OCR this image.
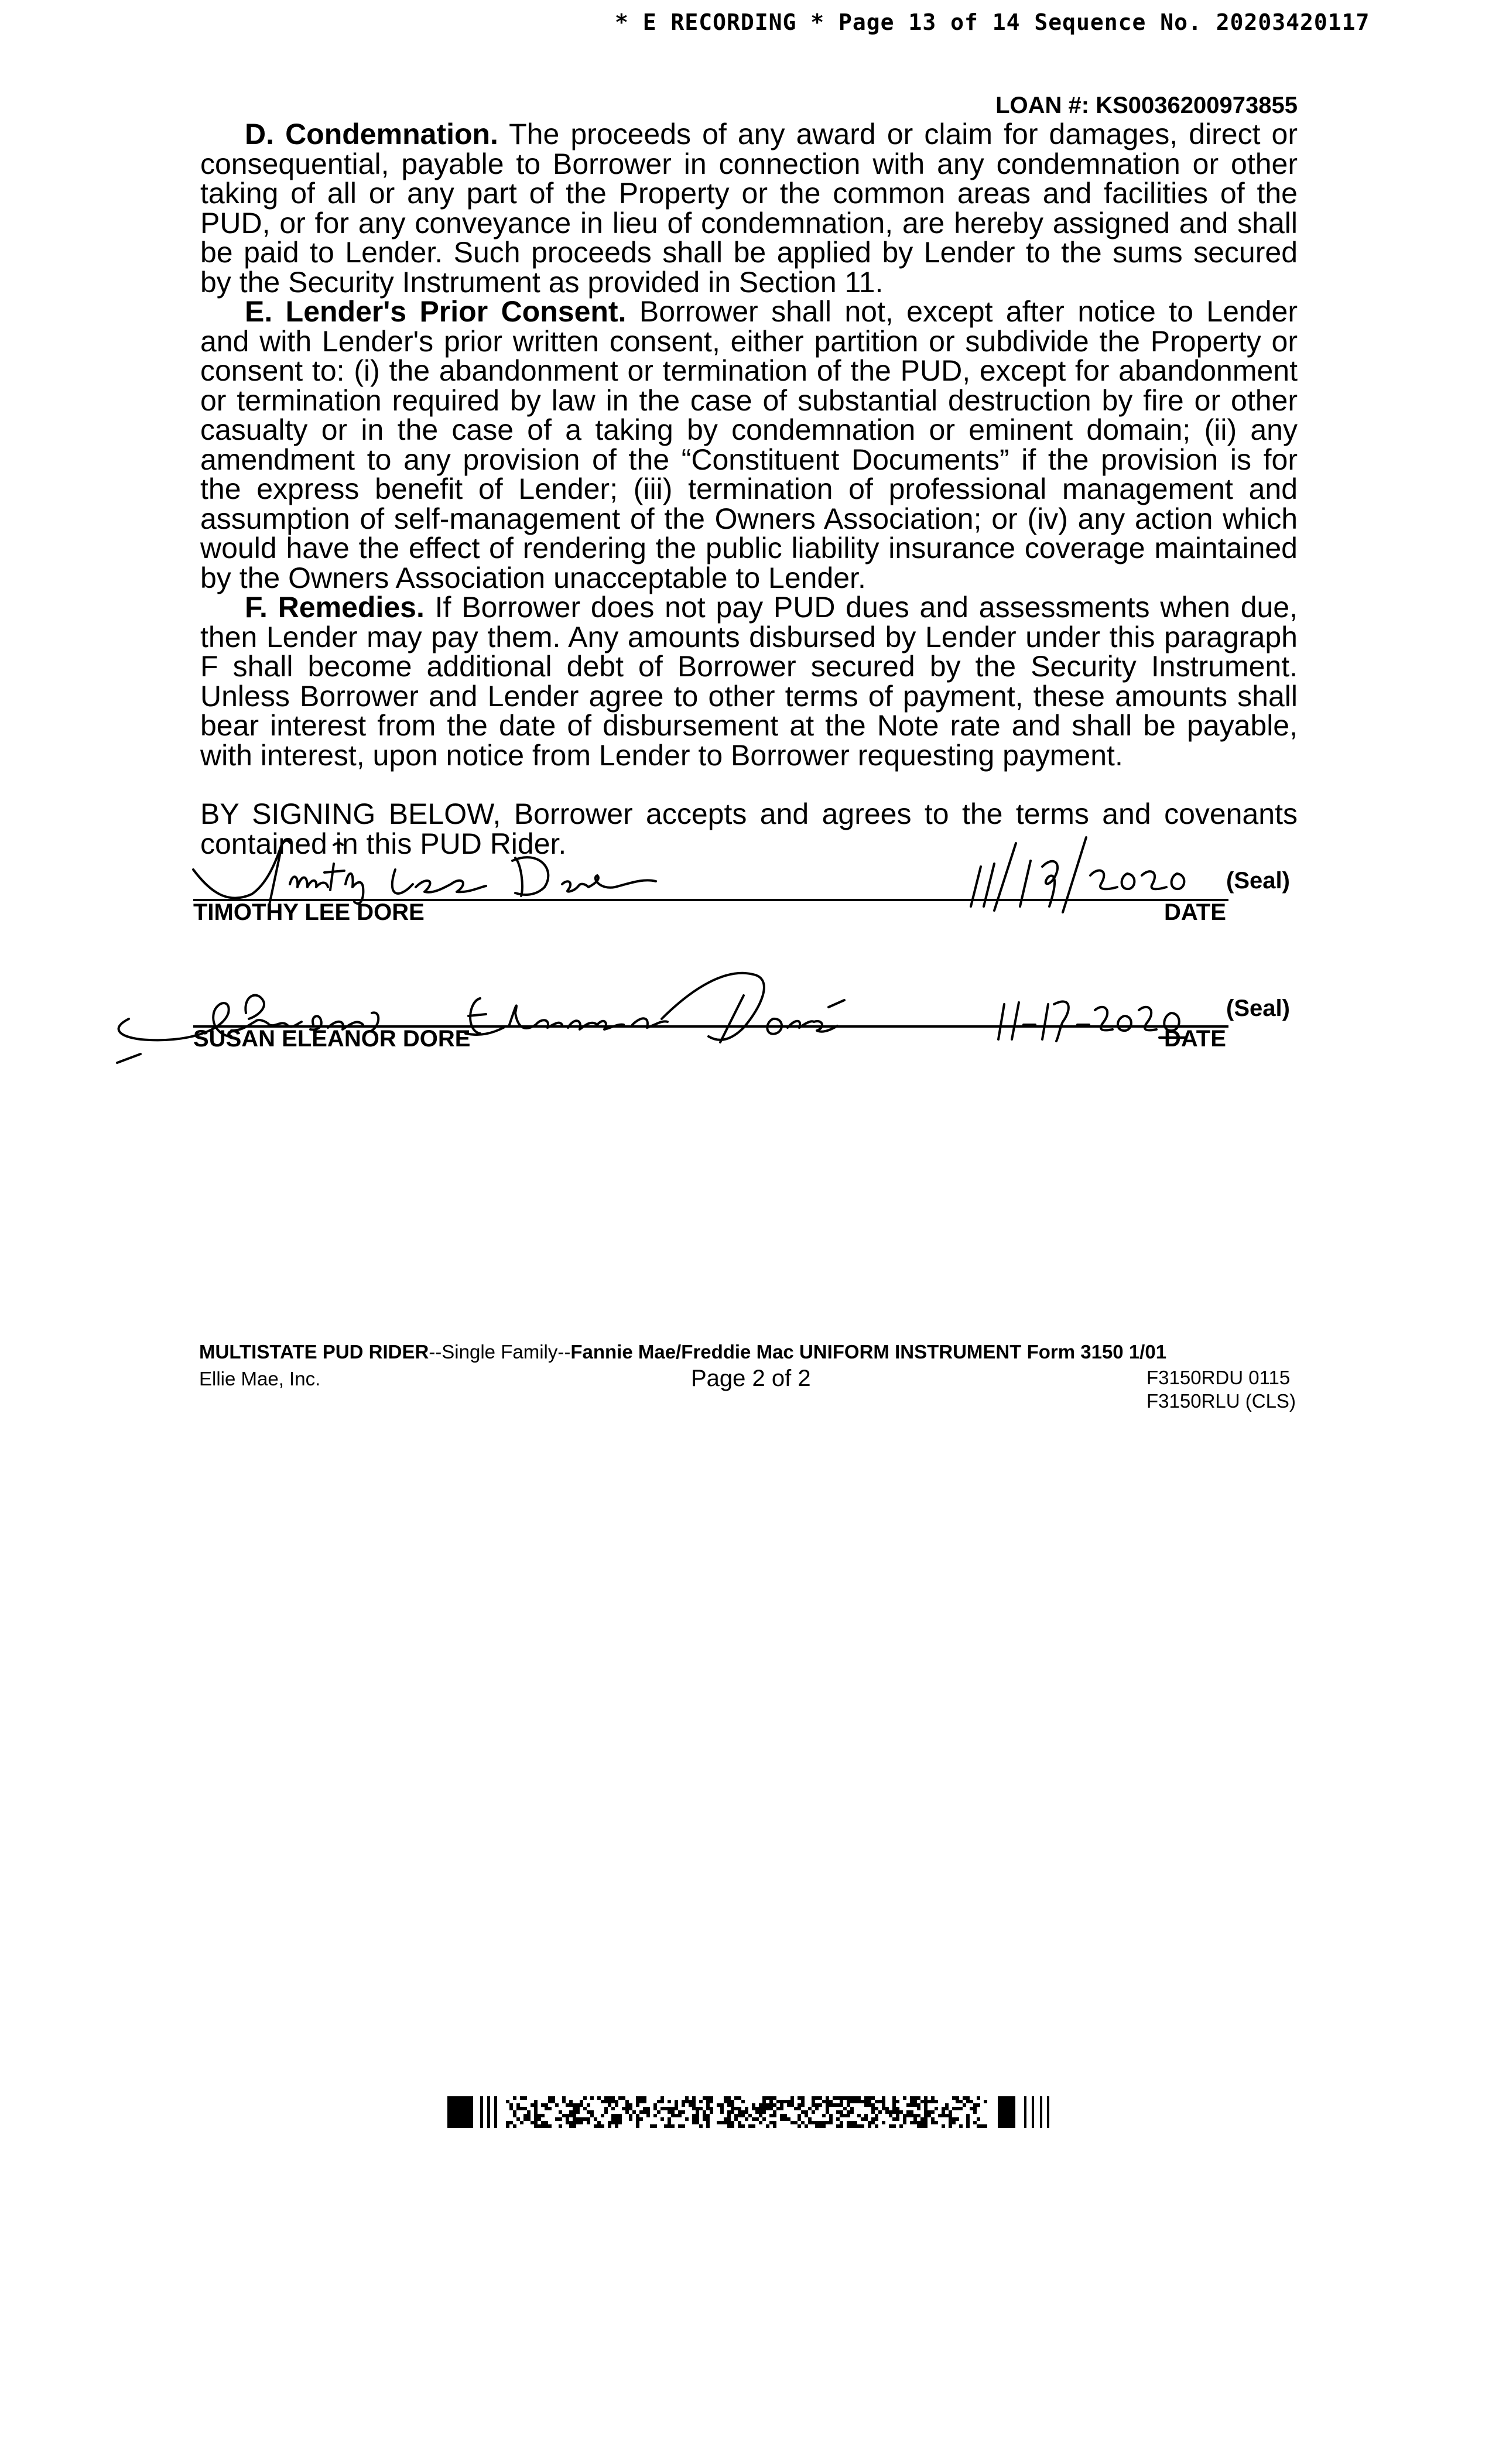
* E RECORDING * Page 13 of 14 Sequence No. 20203420117
LOAN #: KS0036200973855

D. Condemnation. The proceeds of any award or claim for damages, direct or consequential, payable to Borrower in connection with any condemnation or other taking of all or any part of the Property or the common areas and facilities of the PUD, or for any conveyance in lieu of condemnation, are hereby assigned and shall be paid to Lender. Such proceeds shall be applied by Lender to the sums secured by the Security Instrument as provided in Section 11.

E. Lender's Prior Consent. Borrower shall not, except after notice to Lender and with Lender's prior written consent, either partition or subdivide the Property or consent to: (i) the abandonment or termination of the PUD, except for abandonment or termination required by law in the case of substantial destruction by fire or other casualty or in the case of a taking by condemnation or eminent domain; (ii) any amendment to any provision of the “Constituent Documents” if the provision is for the express benefit of Lender; (iii) termination of professional management and assumption of self-management of the Owners Association; or (iv) any action which would have the effect of rendering the public liability insurance coverage maintained by the Owners Association unacceptable to Lender.

F. Remedies. If Borrower does not pay PUD dues and assessments when due, then Lender may pay them. Any amounts disbursed by Lender under this paragraph F shall become additional debt of Borrower secured by the Security Instrument. Unless Borrower and Lender agree to other terms of payment, these amounts shall bear interest from the date of disbursement at the Note rate and shall be payable, with interest, upon notice from Lender to Borrower requesting payment.

BY SIGNING BELOW, Borrower accepts and agrees to the terms and covenants contained in this PUD Rider.

TIMOTHY LEE DORE
(Seal)
DATE
SUSAN ELEANOR DORE
(Seal)
DATE
MULTISTATE PUD RIDER--Single Family--Fannie Mae/Freddie Mac UNIFORM INSTRUMENT Form 3150 1/01
Ellie Mae, Inc.	Page 2 of 2	F3150RDU 0115
F3150RLU (CLS)
